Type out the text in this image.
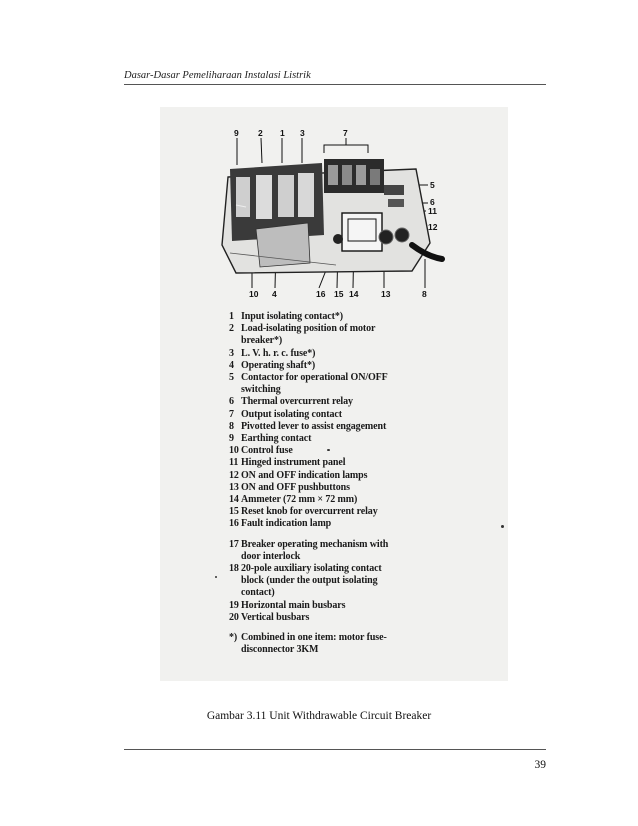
Dasar-Dasar Pemeliharaan Instalasi Listrik
9 2 1 3	7
5
6
11
12
10 4	16 15 14	13	8
1 Input isolating contact*)
2 Load-isolating position of motor
breaker*)
3 L. V. h. r. c. fuse*)
4 Operating shaft*)
5 Contactor for operational ON/OFF
switching
6 Thermal overcurrent relay
7 Output isolating contact
8 Pivotted lever to assist engagement
9 Earthing contact
10 Control fuse
11 Hinged instrument panel
12 ON and OFF indication lamps
13 ON and OFF pushbuttons
14 Ammeter (72 mm × 72 mm)
15 Reset knob for overcurrent relay
16 Fault indication lamp
17 Breaker operating mechanism with
door interlock
18 20-pole auxiliary isolating contact
block (under the output isolating
contact)
19 Horizontal main busbars
20 Vertical busbars
*) Combined in one item: motor fuse-
disconnector 3KM
Gambar 3.11 Unit Withdrawable Circuit Breaker
39
